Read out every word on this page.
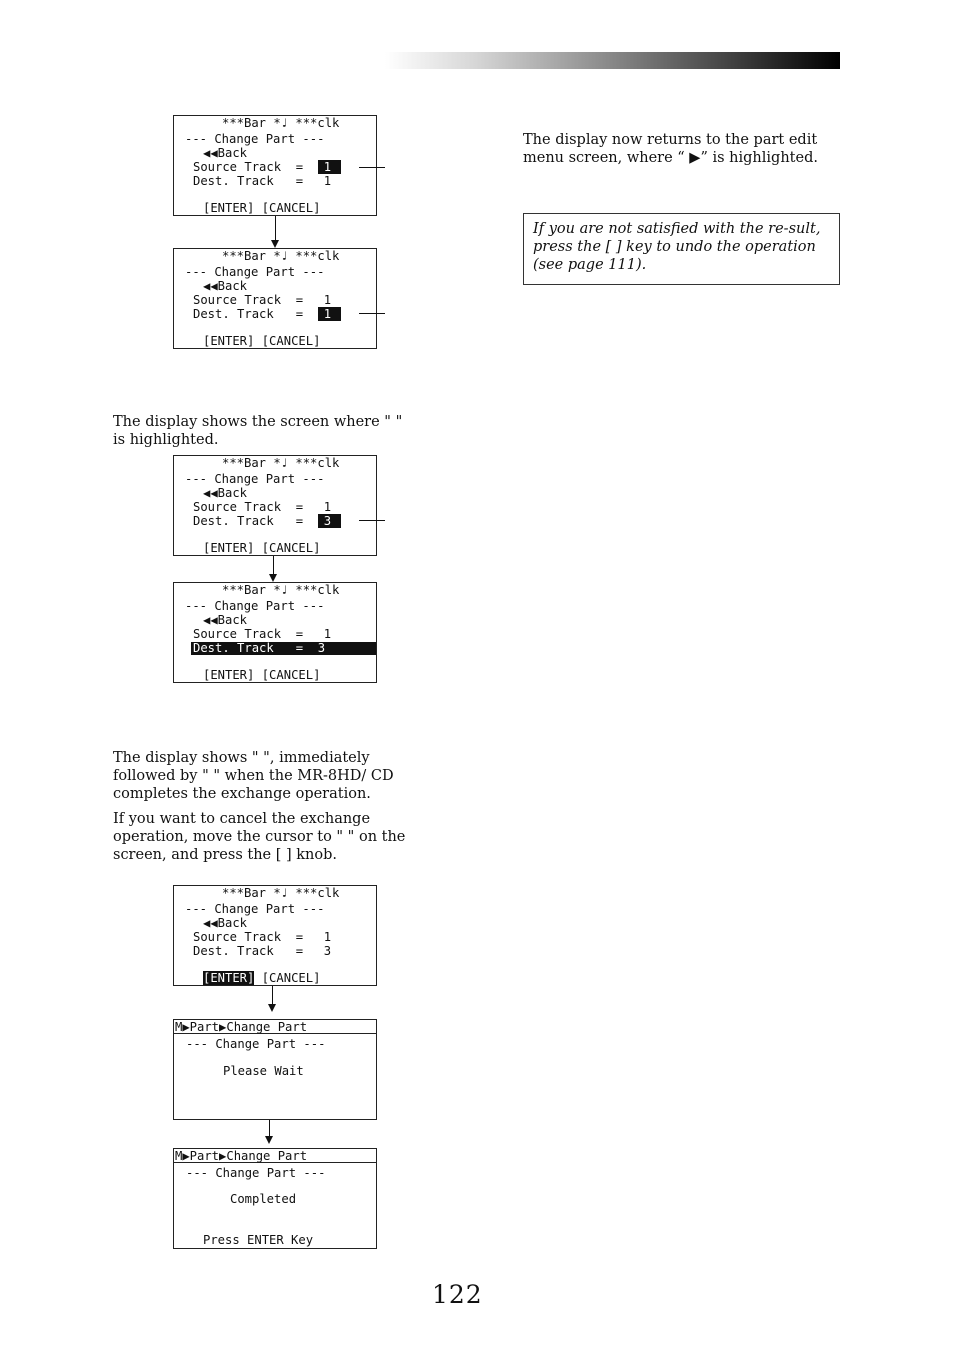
The display now returns to the part edit menu screen, where “ ▶” is highlighted.

If you are not satisfied with the re-sult, press the [ ] key to undo the operation (see page 111).
***Bar *♩ ***clk
--- Change Part ---
◀◀Back
Source Track  =  1
Dest. Track   =  1
[ENTER] [CANCEL]
***Bar *♩ ***clk
--- Change Part ---
◀◀Back
Source Track  =  1
Dest. Track   =  1
[ENTER] [CANCEL]

The display shows the screen where " " is highlighted.

***Bar *♩ ***clk
--- Change Part ---
◀◀Back
Source Track  =  1
Dest. Track   =  3
[ENTER] [CANCEL]
***Bar *♩ ***clk
--- Change Part ---
◀◀Back
Source Track  =  1
Dest. Track   =  3
[ENTER] [CANCEL]

The display shows " ", immediately followed by " " when the MR-8HD/ CD completes the exchange operation.

If you want to cancel the exchange operation, move the cursor to " " on the screen, and press the [ ] knob.

***Bar *♩ ***clk
--- Change Part ---
◀◀Back
Source Track  =  1
Dest. Track   =  3
[ENTER] [CANCEL]
M▶Part▶Change Part
--- Change Part ---
Please Wait
M▶Part▶Change Part
--- Change Part ---
Completed
Press ENTER Key
122
